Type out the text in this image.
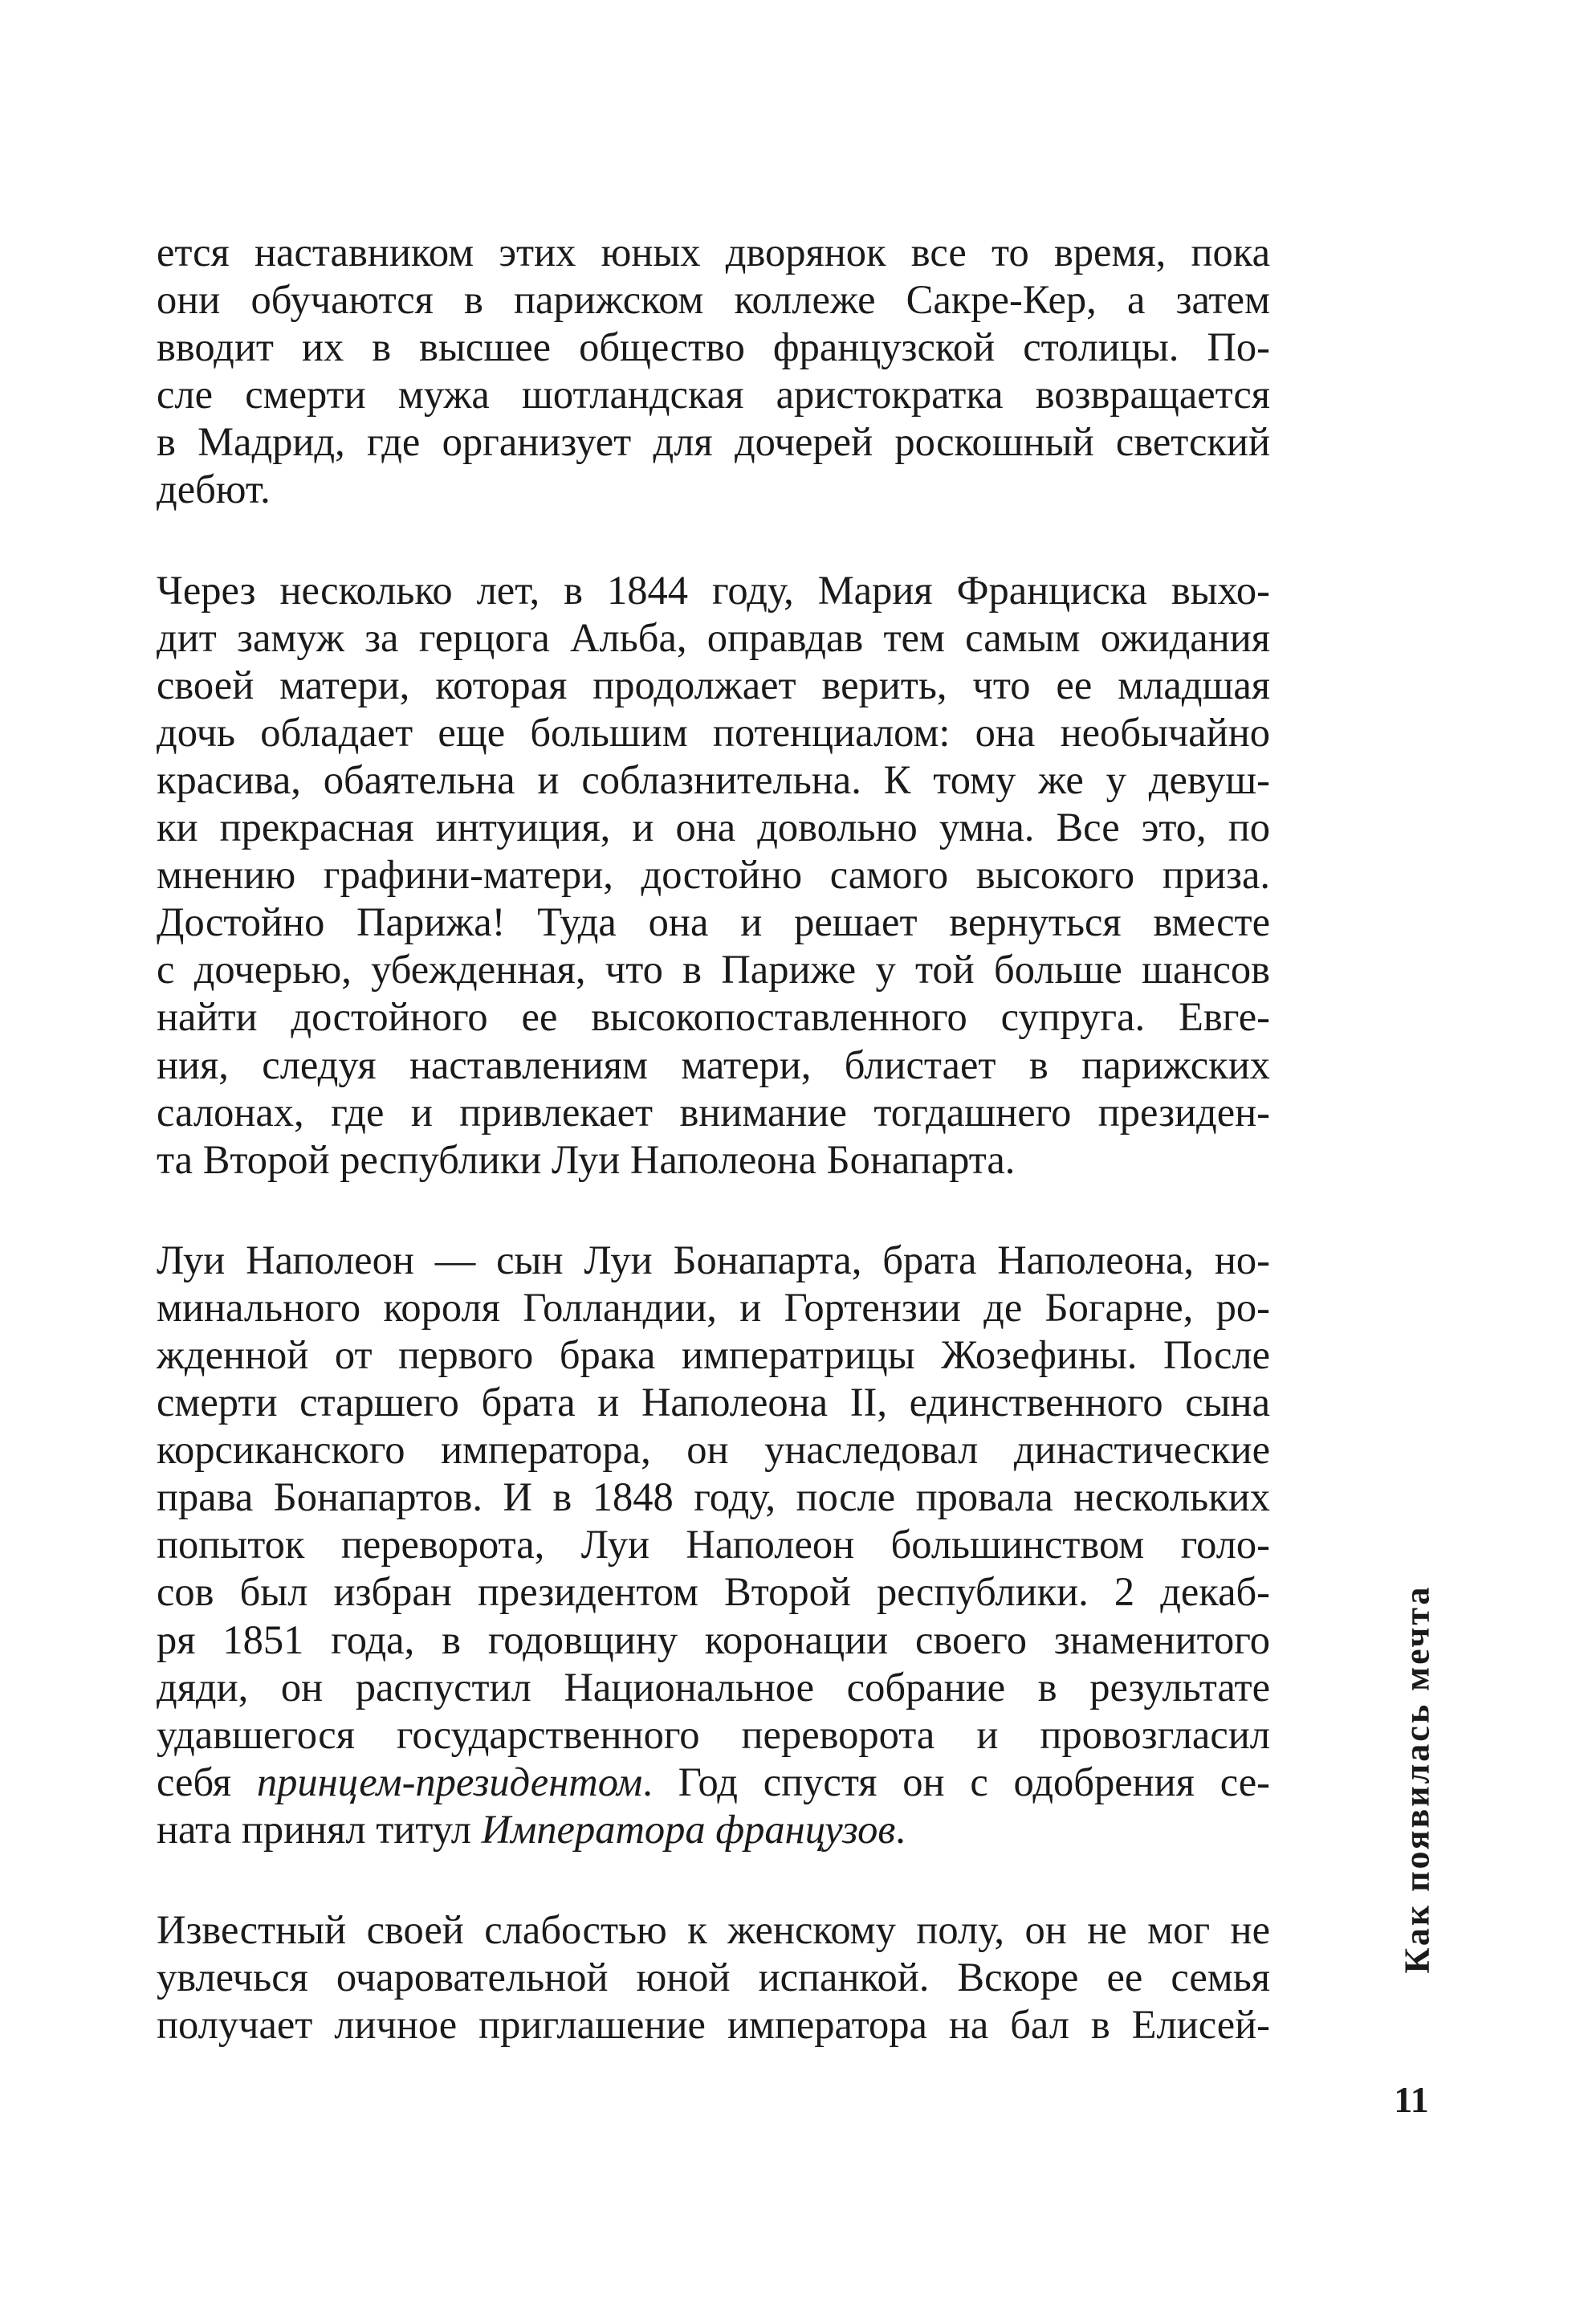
ется наставником этих юных дворянок все то время, пока
они обучаются в парижском коллеже Сакре-Кер, а затем
вводит их в высшее общество французской столицы. По-
сле смерти мужа шотландская аристократка возвращается
в Мадрид, где организует для дочерей роскошный светский
дебют.

Через несколько лет, в 1844 году, Мария Франциска выхо-
дит замуж за герцога Альба, оправдав тем самым ожидания
своей матери, которая продолжает верить, что ее младшая
дочь обладает еще большим потенциалом: она необычайно
красива, обаятельна и соблазнительна. К тому же у девуш-
ки прекрасная интуиция, и она довольно умна. Все это, по
мнению графини-матери, достойно самого высокого приза.
Достойно Парижа! Туда она и решает вернуться вместе
с дочерью, убежденная, что в Париже у той больше шансов
найти достойного ее высокопоставленного супруга. Евге-
ния, следуя наставлениям матери, блистает в парижских
салонах, где и привлекает внимание тогдашнего президен-
та Второй республики Луи Наполеона Бонапарта.

Луи Наполеон — сын Луи Бонапарта, брата Наполеона, но-
минального короля Голландии, и Гортензии де Богарне, ро-
жденной от первого брака императрицы Жозефины. После
смерти старшего брата и Наполеона II, единственного сына
корсиканского императора, он унаследовал династические
права Бонапартов. И в 1848 году, после провала нескольких
попыток переворота, Луи Наполеон большинством голо-
сов был избран президентом Второй республики. 2 декаб-
ря 1851 года, в годовщину коронации своего знаменитого
дяди, он распустил Национальное собрание в результате
удавшегося государственного переворота и провозгласил
себя принцем-президентом. Год спустя он с одобрения се-
ната принял титул Императора французов.

Известный своей слабостью к женскому полу, он не мог не
увлечься очаровательной юной испанкой. Вскоре ее семья
получает личное приглашение императора на бал в Елисей-

Как появилась мечта
11
